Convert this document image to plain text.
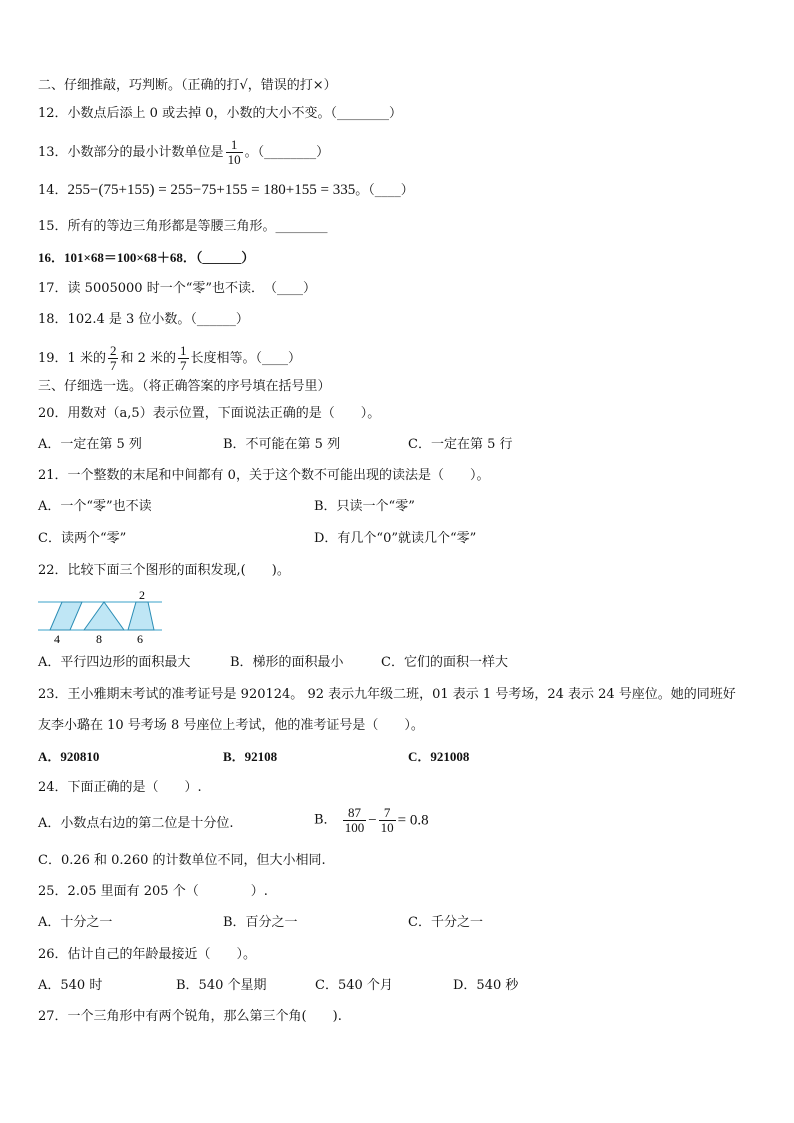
二、仔细推敲，巧判断。（正确的打√，错误的打×）
12．小数点后添上 0 或去掉 0，小数的大小不变。（________）
13．小数部分的最小计数单位是 $\frac{1}{10}$ 。（________）
14．255−(75+155) = 255−75+155 = 180+155 = 335。（____）
15．所有的等边三角形都是等腰三角形。________
16．101×68＝100×68＋68．（______）
17．读 5005000 时一个“零”也不读．　（____）
18．102.4 是 3 位小数。（______）
19．1 米的 $\frac{2}{7}$ 和 2 米的 $\frac{1}{7}$ 长度相等。（____）
三、仔细选一选。（将正确答案的序号填在括号里）
20．用数对（a,5）表示位置，下面说法正确的是（　　）。
A．一定在第 5 列	B．不可能在第 5 列	C．一定在第 5 行
21．一个整数的末尾和中间都有 0，关于这个数不可能出现的读法是（　　）。
A．一个“零”也不读	B．只读一个“零”
C．读两个“零”	D．有几个“0”就读几个“零”
22．比较下面三个图形的面积发现,(　　)。
4	8	6
2
A．平行四边形的面积最大	B．梯形的面积最小	C．它们的面积一样大
23．王小雅期末考试的准考证号是 920124。 92 表示九年级二班，01 表示 1 号考场，24 表示 24 号座位。她的同班好
友李小璐在 10 号考场 8 号座位上考试，他的准考证号是（　　）。
A．920810	B．92108	C．921008
24．下面正确的是（　　）.
A．小数点右边的第二位是十分位.	B． $\frac{87}{100} - \frac{7}{10} = 0.8$
C．0.26 和 0.260 的计数单位不同，但大小相同.
25．2.05 里面有 205 个（　　　　）.
A．十分之一	B．百分之一	C．千分之一
26．估计自己的年龄最接近（　　）。
A．540 时	B．540 个星期	C．540 个月	D．540 秒
27．一个三角形中有两个锐角，那么第三个角(　　).
